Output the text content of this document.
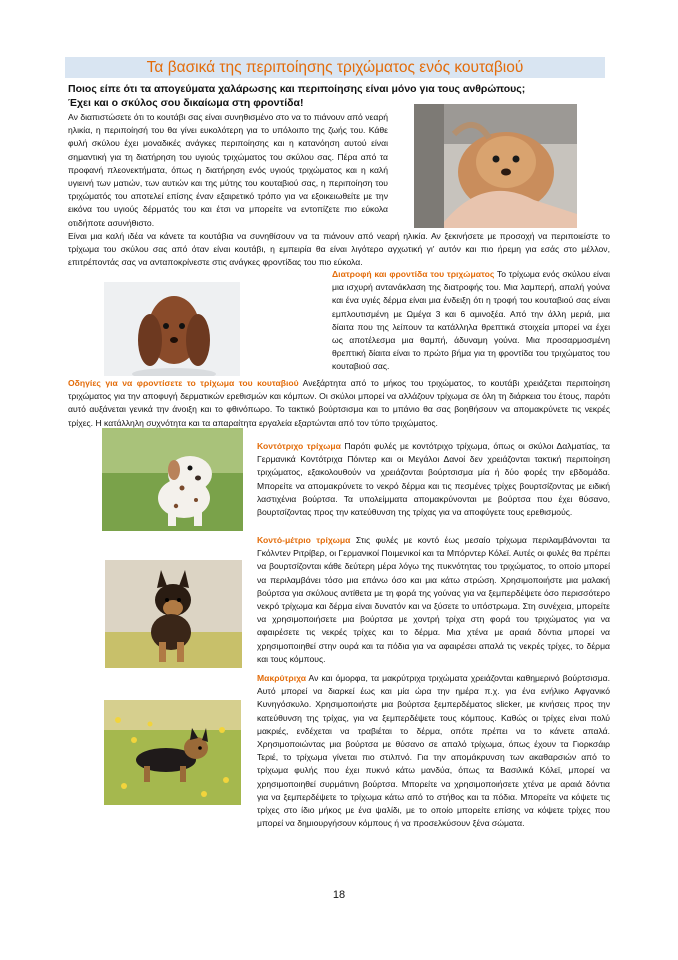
Τα βασικά της περιποίησης τριχώματος ενός κουταβιού
Ποιος είπε ότι τα απογεύματα χαλάρωσης και περιποίησης είναι μόνο για τους ανθρώπους;
Έχει και ο σκύλος σου δικαίωμα στη φροντίδα!

Αν διαπιστώσετε ότι το κουτάβι σας είναι συνηθισμένο στο να το πιάνουν από νεαρή ηλικία, η περιποίησή του θα γίνει ευκολότερη για το υπόλοιπο της ζωής του. Κάθε φυλή σκύλου έχει μοναδικές ανάγκες περιποίησης και η κατανόηση αυτού είναι σημαντική για τη διατήρηση του υγιούς τριχώματος του σκύλου σας. Πέρα από τα προφανή πλεονεκτήματα, όπως η διατήρηση ενός υγιούς τριχώματος και η καλή υγιεινή των ματιών, των αυτιών και της μύτης του κουταβιού σας, η περιποίηση του τριχώματός του αποτελεί επίσης έναν εξαιρετικό τρόπο για να εξοικειωθείτε με την εικόνα του υγιούς δέρματός του και έτσι να μπορείτε να εντοπίζετε πιο εύκολα οτιδήποτε ασυνήθιστο.

Είναι μια καλή ιδέα να κάνετε τα κουτάβια να συνηθίσουν να τα πιάνουν από νεαρή ηλικία. Αν ξεκινήσετε με προσοχή να περιποιείστε το τρίχωμα του σκύλου σας από όταν είναι κουτάβι, η εμπειρία θα είναι λιγότερο αγχωτική γι' αυτόν και πιο ήρεμη για εσάς στο μέλλον, επιτρέποντάς σας να ανταποκρίνεστε στις ανάγκες φροντίδας του πιο εύκολα.

Διατροφή και φροντίδα του τριχώματος Το τρίχωμα ενός σκύλου είναι μια ισχυρή αντανάκλαση της διατροφής του. Μια λαμπερή, απαλή γούνα και ένα υγιές δέρμα είναι μια ένδειξη ότι η τροφή του κουταβιού σας είναι εμπλουτισμένη με Ωμέγα 3 και 6 αμινοξέα. Από την άλλη μεριά, μια δίαιτα που της λείπουν τα κατάλληλα θρεπτικά στοιχεία μπορεί να έχει ως αποτέλεσμα μια θαμπή, άδυναμη γούνα. Μια προσαρμοσμένη θρεπτική δίαιτα είναι το πρώτο βήμα για τη φροντίδα του τριχώματος του κουταβιού σας.

Οδηγίες για να φροντίσετε το τρίχωμα του κουταβιού Ανεξάρτητα από το μήκος του τριχώματος, το κουτάβι χρειάζεται περιποίηση τριχώματος για την αποφυγή δερματικών ερεθισμών και κόμπων. Οι σκύλοι μπορεί να αλλάζουν τρίχωμα σε όλη τη διάρκεια του έτους, παρότι αυτό αυξάνεται γενικά την άνοιξη και το φθινόπωρο. Το τακτικό βούρτσισμα και το μπάνιο θα σας βοηθήσουν να απομακρύνετε τις νεκρές τρίχες. Η κατάλληλη συχνότητα και τα απαραίτητα εργαλεία εξαρτώνται από τον τύπο τριχώματος.

Κοντότριχο τρίχωμα Παρότι φυλές με κοντότριχο τρίχωμα, όπως οι σκύλοι Δαλματίας, τα Γερμανικά Κοντότριχα Πόιντερ και οι Μεγάλοι Δανοί δεν χρειάζονται τακτική περιποίηση τριχώματος, εξακολουθούν να χρειάζονται βούρτσισμα μία ή δύο φορές την εβδομάδα. Μπορείτε να απομακρύνετε το νεκρό δέρμα και τις πεσμένες τρίχες βουρτσίζοντας με ειδική λαστιχένια βούρτσα. Τα υπολείμματα απομακρύνονται με βούρτσα που έχει θύσανο, βουρτσίζοντας προς την κατεύθυνση της τρίχας για να αποφύγετε τους ερεθισμούς.

Κοντό-μέτριο τρίχωμα Στις φυλές με κοντό έως μεσαίο τρίχωμα περιλαμβάνονται τα Γκόλντεν Ριτρίβερ, οι Γερμανικοί Ποιμενικοί και τα Μπόρντερ Κόλεϊ. Αυτές οι φυλές θα πρέπει να βουρτσίζονται κάθε δεύτερη μέρα λόγω της πυκνότητας του τριχώματος, το οποίο μπορεί να περιλαμβάνει τόσο μια επάνω όσο και μια κάτω στρώση. Χρησιμοποιήστε μια μαλακή βούρτσα για σκύλους αντίθετα με τη φορά της γούνας για να ξεμπερδέψετε όσο περισσότερο νεκρό τρίχωμα και δέρμα είναι δυνατόν και να ξύσετε το υπόστρωμα. Στη συνέχεια, μπορείτε να χρησιμοποιήσετε μια βούρτσα με χοντρή τρίχα στη φορά του τριχώματος για να αφαιρέσετε τις νεκρές τρίχες και το δέρμα. Μια χτένα με αραιά δόντια μπορεί να χρησιμοποιηθεί στην ουρά και τα πόδια για να αφαιρέσει απαλά τις νεκρές τρίχες, το δέρμα και τους κόμπους.

Μακρύτριχα Αν και όμορφα, τα μακρύτριχα τριχώματα χρειάζονται καθημερινό βούρτσισμα. Αυτό μπορεί να διαρκεί έως και μία ώρα την ημέρα π.χ. για ένα ενήλικο Αφγανικό Κυνηγόσκυλο. Χρησιμοποιήστε μια βούρτσα ξεμπερδέματος slicker, με κινήσεις προς την κατεύθυνση της τρίχας, για να ξεμπερδέψετε τους κόμπους. Καθώς οι τρίχες είναι πολύ μακριές, ενδέχεται να τραβιέται το δέρμα, οπότε πρέπει να το κάνετε απαλά. Χρησιμοποιώντας μια βούρτσα με θύσανο σε απαλό τρίχωμα, όπως έχουν τα Γιορκσάιρ Τεριέ, το τρίχωμα γίνεται πιο στιλπνό. Για την απομάκρυνση των ακαθαρσιών από το τρίχωμα φυλής που έχει πυκνό κάτω μανδύα, όπως τα Βασιλικά Κόλεϊ, μπορεί να χρησιμοποιηθεί συρμάτινη βούρτσα. Μπορείτε να χρησιμοποιήσετε χτένα με αραιά δόντια για να ξεμπερδέψετε το τρίχωμα κάτω από το στήθος και τα πόδια. Μπορείτε να κόψετε τις τρίχες στο ίδιο μήκος με ένα ψαλίδι, με το οποίο μπορείτε επίσης να κόψετε τρίχες που μπορεί να δημιουργήσουν κόμπους ή να προσελκύσουν ξένα σώματα.

18
